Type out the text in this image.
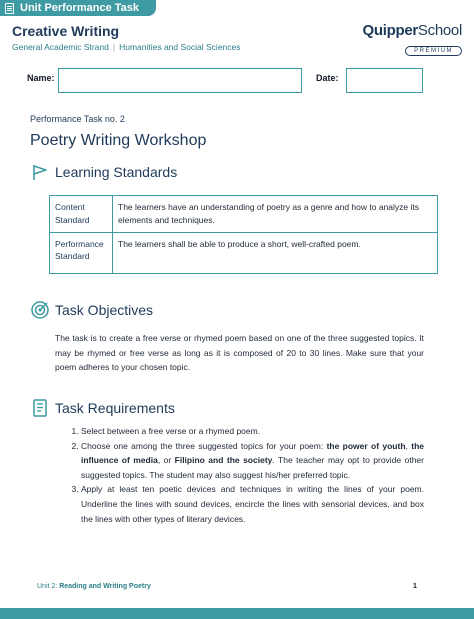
Unit Performance Task
Creative Writing
General Academic Strand | Humanities and Social Sciences
QuipperSchool
PREMIUM
Name:	Date:
Performance Task no. 2
Poetry Writing Workshop
Learning Standards
Content Standard	The learners have an understanding of poetry as a genre and how to analyze its elements and techniques.
Performance Standard	The learners shall be able to produce a short, well-crafted poem.
Task Objectives
The task is to create a free verse or rhymed poem based on one of the three suggested topics. It may be rhymed or free verse as long as it is composed of 20 to 30 lines. Make sure that your poem adheres to your chosen topic.
Task Requirements
1. Select between a free verse or a rhymed poem.
2. Choose one among the three suggested topics for your poem: the power of youth, the influence of media, or Filipino and the society. The teacher may opt to provide other suggested topics. The student may also suggest his/her preferred topic.
3. Apply at least ten poetic devices and techniques in writing the lines of your poem. Underline the lines with sound devices, encircle the lines with sensorial devices, and box the lines with other types of literary devices.
Unit 2: Reading and Writing Poetry	1
